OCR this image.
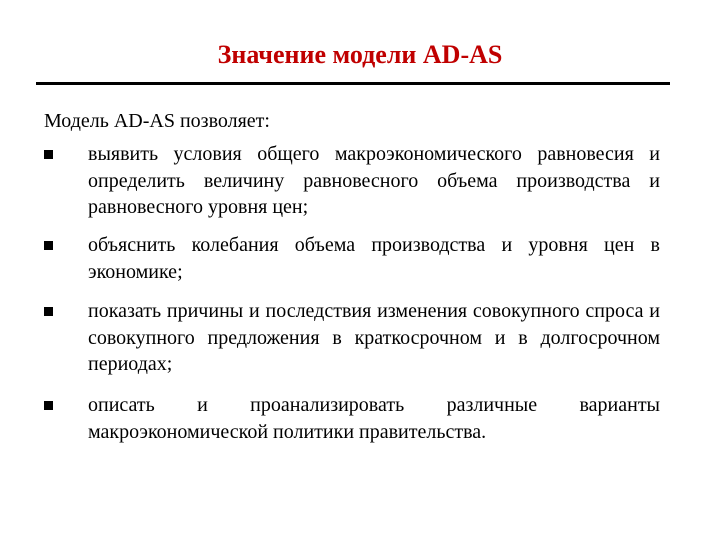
Значение модели AD-AS
Модель AD-AS позволяет:
выявить условия общего макроэкономического равновесия и определить величину равновесного объема производства и равновесного уровня цен;
объяснить колебания объема производства и уровня цен в экономике;
показать причины и последствия изменения совокупного спроса и совокупного предложения в краткосрочном и в долгосрочном периодах;
описать и проанализировать различные варианты макроэкономической политики правительства.
